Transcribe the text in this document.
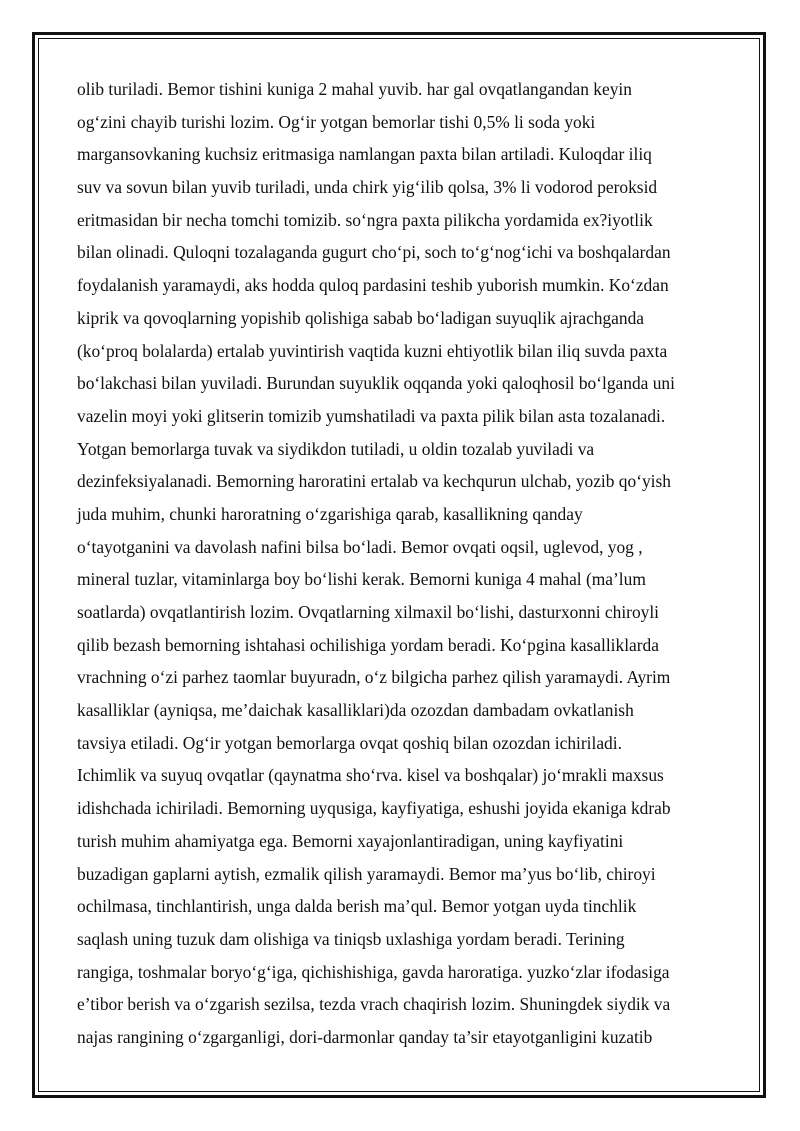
olib turiladi. Bemor tishini kuniga 2 mahal yuvib. har gal ovqatlangandan keyin
og‘zini chayib turishi lozim. Og‘ir yotgan bemorlar tishi 0,5% li soda yoki
margansovkaning kuchsiz eritmasiga namlangan paxta bilan artiladi. Kuloqdar iliq
suv va sovun bilan yuvib turiladi, unda chirk yig‘ilib qolsa, 3% li vodorod peroksid
eritmasidan bir necha tomchi tomizib. so‘ngra paxta pilikcha yordamida ex?iyotlik
bilan olinadi. Quloqni tozalaganda gugurt cho‘pi, soch to‘g‘nog‘ichi va boshqalardan
foydalanish yaramaydi, aks hodda quloq pardasini teshib yuborish mumkin. Ko‘zdan
kiprik va qovoqlarning yopishib qolishiga sabab bo‘ladigan suyuqlik ajrachganda
(ko‘proq bolalarda) ertalab yuvintirish vaqtida kuzni ehtiyotlik bilan iliq suvda paxta
bo‘lakchasi bilan yuviladi. Burundan suyuklik oqqanda yoki qaloqhosil bo‘lganda uni
vazelin moyi yoki glitserin tomizib yumshatiladi va paxta pilik bilan asta tozalanadi.
Yotgan bemorlarga tuvak va siydikdon tutiladi, u oldin tozalab yuviladi va
dezinfeksiyalanadi. Bemorning haroratini ertalab va kechqurun ulchab, yozib qo‘yish
juda muhim, chunki haroratning o‘zgarishiga qarab, kasallikning qanday
o‘tayotganini va davolash nafini bilsa bo‘ladi. Bemor ovqati oqsil, uglevod, yog ,
mineral tuzlar, vitaminlarga boy bo‘lishi kerak. Bemorni kuniga 4 mahal (ma’lum
soatlarda) ovqatlantirish lozim. Ovqatlarning xilmaxil bo‘lishi, dasturxonni chiroyli
qilib bezash bemorning ishtahasi ochilishiga yordam beradi. Ko‘pgina kasalliklarda
vrachning o‘zi parhez taomlar buyuradn, o‘z bilgicha parhez qilish yaramaydi. Ayrim
kasalliklar (ayniqsa, me’daichak kasalliklari)da ozozdan dambadam ovkatlanish
tavsiya etiladi. Og‘ir yotgan bemorlarga ovqat qoshiq bilan ozozdan ichiriladi.
Ichimlik va suyuq ovqatlar (qaynatma sho‘rva. kisel va boshqalar) jo‘mrakli maxsus
idishchada ichiriladi. Bemorning uyqusiga, kayfiyatiga, eshushi joyida ekaniga kdrab
turish muhim ahamiyatga ega. Bemorni xayajonlantiradigan, uning kayfiyatini
buzadigan gaplarni aytish, ezmalik qilish yaramaydi. Bemor ma’yus bo‘lib, chiroyi
ochilmasa, tinchlantirish, unga dalda berish ma’qul. Bemor yotgan uyda tinchlik
saqlash uning tuzuk dam olishiga va tiniqsb uxlashiga yordam beradi. Terining
rangiga, toshmalar boryo‘g‘iga, qichishishiga, gavda haroratiga. yuzko‘zlar ifodasiga
e’tibor berish va o‘zgarish sezilsa, tezda vrach chaqirish lozim. Shuningdek siydik va
najas rangining o‘zgarganligi, dori-darmonlar qanday ta’sir etayotganligini kuzatib
